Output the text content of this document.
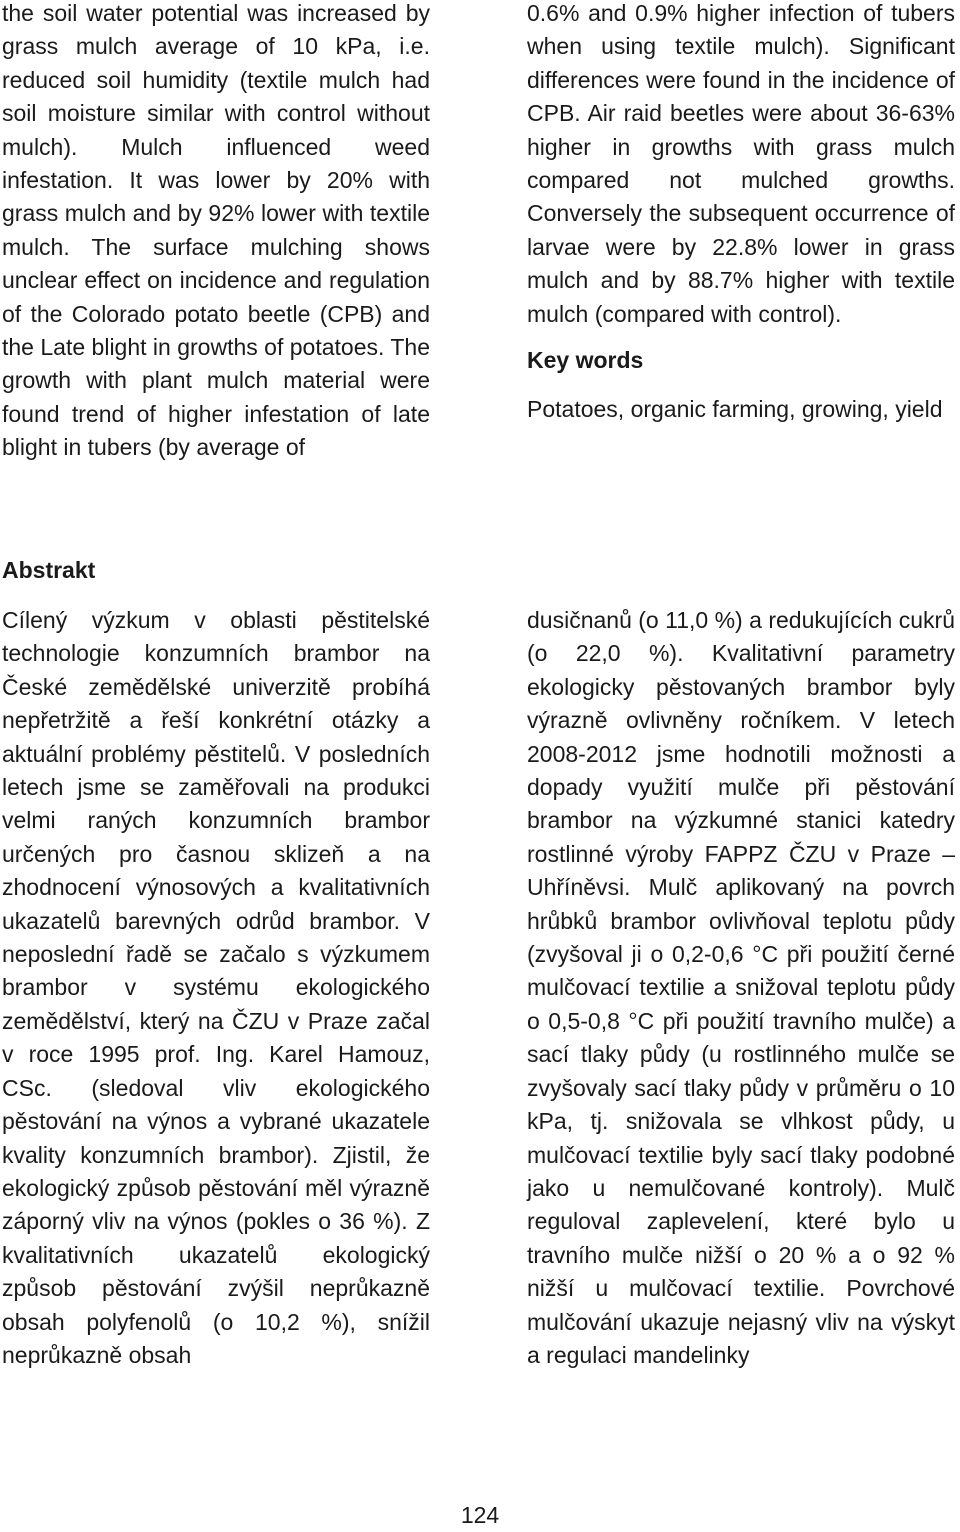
the soil water potential was increased by grass mulch average of 10 kPa, i.e. reduced soil humidity (textile mulch had soil moisture similar with control without mulch). Mulch influenced weed infestation. It was lower by 20% with grass mulch and by 92% lower with textile mulch. The surface mulching shows unclear effect on incidence and regulation of the Colorado potato beetle (CPB) and the Late blight in growths of potatoes. The growth with plant mulch material were found trend of higher infestation of late blight in tubers (by average of

0.6% and 0.9% higher infection of tubers when using textile mulch). Significant differences were found in the incidence of CPB. Air raid beetles were about 36-63% higher in growths with grass mulch compared not mulched growths. Conversely the subsequent occurrence of larvae were by 22.8% lower in grass mulch and by 88.7% higher with textile mulch (compared with control).

Key words

Potatoes, organic farming, growing, yield

Abstrakt

Cílený výzkum v oblasti pěstitelské technologie konzumních brambor na České zemědělské univerzitě probíhá nepřetržitě a řeší konkrétní otázky a aktuální problémy pěstitelů. V posledních letech jsme se zaměřovali na produkci velmi raných konzumních brambor určených pro časnou sklizeň a na zhodnocení výnosových a kvalitativních ukazatelů barevných odrůd brambor. V neposlední řadě se začalo s výzkumem brambor v systému ekologického zemědělství, který na ČZU v Praze začal v roce 1995 prof. Ing. Karel Hamouz, CSc. (sledoval vliv ekologického pěstování na výnos a vybrané ukazatele kvality konzumních brambor). Zjistil, že ekologický způsob pěstování měl výrazně záporný vliv na výnos (pokles o 36 %). Z kvalitativních ukazatelů ekologický způsob pěstování zvýšil neprůkazně obsah polyfenolů (o 10,2 %), snížil neprůkazně obsah

dusičnanů (o 11,0 %) a redukujících cukrů (o 22,0 %). Kvalitativní parametry ekologicky pěstovaných brambor byly výrazně ovlivněny ročníkem. V letech 2008-2012 jsme hodnotili možnosti a dopady využití mulče při pěstování brambor na výzkumné stanici katedry rostlinné výroby FAPPZ ČZU v Praze – Uhříněvsi. Mulč aplikovaný na povrch hrůbků brambor ovlivňoval teplotu půdy (zvyšoval ji o 0,2-0,6 °C při použití černé mulčovací textilie a snižoval teplotu půdy o 0,5-0,8 °C při použití travního mulče) a sací tlaky půdy (u rostlinného mulče se zvyšovaly sací tlaky půdy v průměru o 10 kPa, tj. snižovala se vlhkost půdy, u mulčovací textilie byly sací tlaky podobné jako u nemulčované kontroly). Mulč reguloval zaplevelení, které bylo u travního mulče nižší o 20 % a o 92 % nižší u mulčovací textilie. Povrchové mulčování ukazuje nejasný vliv na výskyt a regulaci mandelinky

124
